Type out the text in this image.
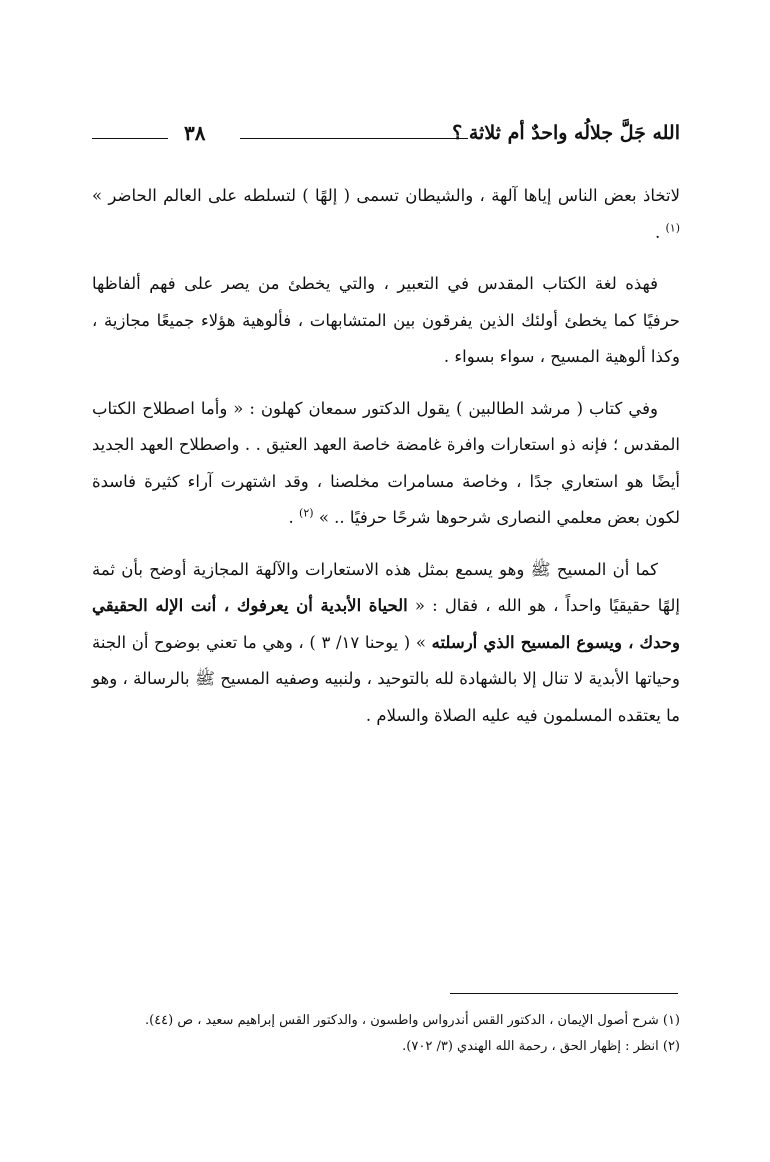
الله جَلَّ جلالُه واحدٌ أم ثلاثة ؟
٣٨

لاتخاذ بعض الناس إياها آلهة ، والشيطان تسمى ( إلهًا ) لتسلطه على العالم الحاضر » $^{(١)}$ .

فهذه لغة الكتاب المقدس في التعبير ، والتي يخطئ من يصر على فهم ألفاظها حرفيًا كما يخطئ أولئك الذين يفرقون بين المتشابهات ، فألوهية هؤلاء جميعًا مجازية ، وكذا ألوهية المسيح ، سواء بسواء .

وفي كتاب ( مرشد الطالبين ) يقول الدكتور سمعان كهلون : « وأما اصطلاح الكتاب المقدس ؛ فإنه ذو استعارات وافرة غامضة خاصة العهد العتيق . . واصطلاح العهد الجديد أيضًا هو استعاري جدًا ، وخاصة مسامرات مخلصنا ، وقد اشتهرت آراء كثيرة فاسدة لكون بعض معلمي النصارى شرحوها شرحًا حرفيًا .. » $^{(٢)}$ .

كما أن المسيح ﷺ وهو يسمع بمثل هذه الاستعارات والآلهة المجازية أوضح بأن ثمة إلهًا حقيقيًا واحداً ، هو الله ، فقال : « الحياة الأبدية أن يعرفوك ، أنت الإله الحقيقي وحدك ، ويسوع المسيح الذي أرسلته » ( يوحنا ١٧/ ٣ ) ، وهي ما تعني بوضوح أن الجنة وحياتها الأبدية لا تنال إلا بالشهادة لله بالتوحيد ، ولنبيه وصفيه المسيح ﷺ بالرسالة ، وهو ما يعتقده المسلمون فيه عليه الصلاة والسلام .

(١) شرح أصول الإيمان ، الدكتور القس أندرواس واطسون ، والدكتور القس إبراهيم سعيد ، ص (٤٤).
(٢) انظر : إظهار الحق ، رحمة الله الهندي (٣/ ٧٠٢).
